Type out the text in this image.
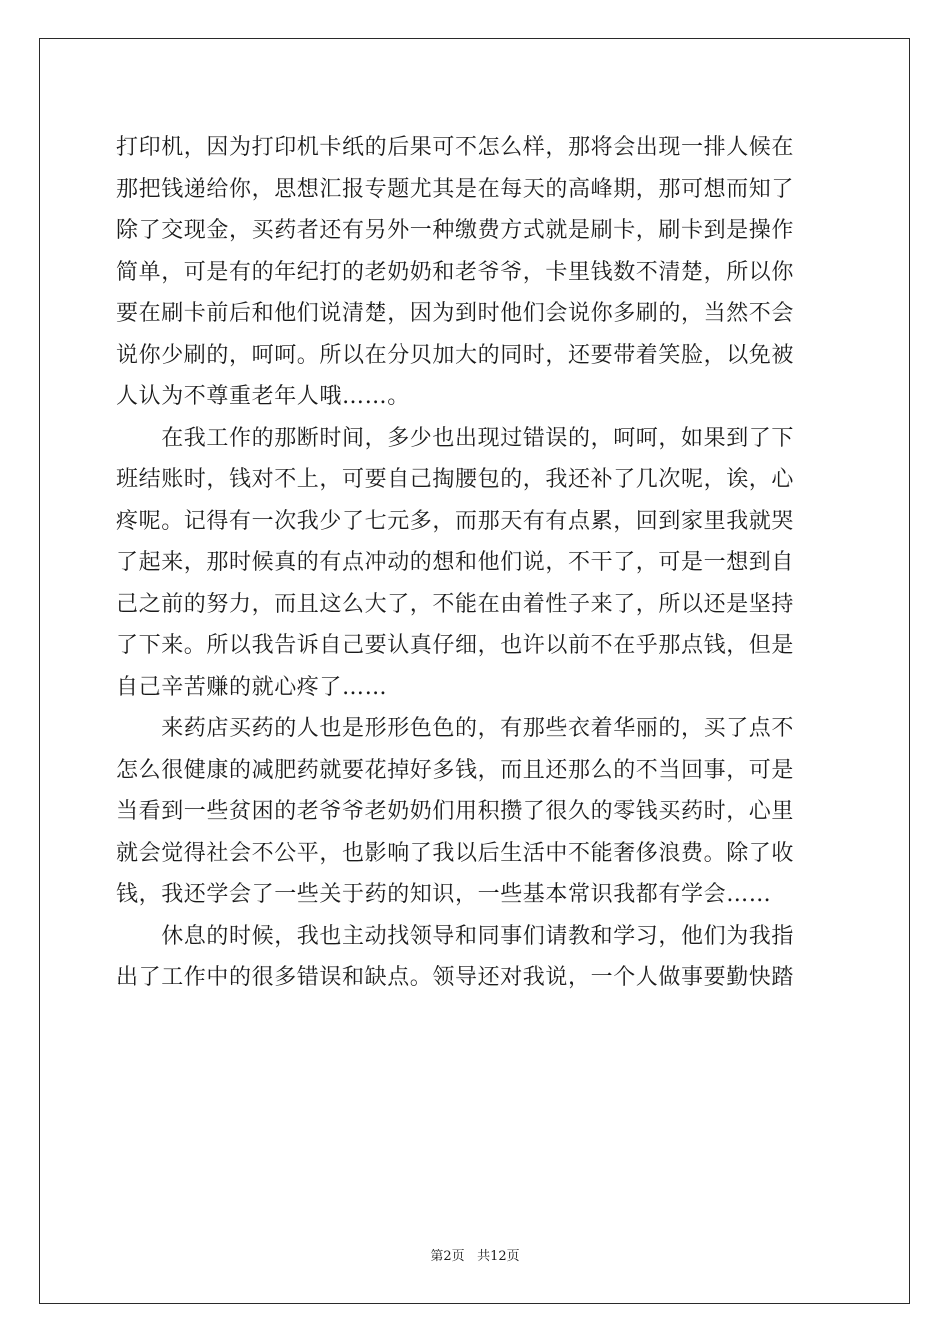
打印机，因为打印机卡纸的后果可不怎么样，那将会出现一排人候在
那把钱递给你，思想汇报专题尤其是在每天的高峰期，那可想而知了
除了交现金，买药者还有另外一种缴费方式就是刷卡，刷卡到是操作
简单，可是有的年纪打的老奶奶和老爷爷，卡里钱数不清楚，所以你
要在刷卡前后和他们说清楚，因为到时他们会说你多刷的，当然不会
说你少刷的，呵呵。所以在分贝加大的同时，还要带着笑脸，以免被
人认为不尊重老年人哦……。
　　在我工作的那断时间，多少也出现过错误的，呵呵，如果到了下
班结账时，钱对不上，可要自己掏腰包的，我还补了几次呢，诶，心
疼呢。记得有一次我少了七元多，而那天有有点累，回到家里我就哭
了起来，那时候真的有点冲动的想和他们说，不干了，可是一想到自
己之前的努力，而且这么大了，不能在由着性子来了，所以还是坚持
了下来。所以我告诉自己要认真仔细，也许以前不在乎那点钱，但是
自己辛苦赚的就心疼了……
　　来药店买药的人也是形形色色的，有那些衣着华丽的，买了点不
怎么很健康的减肥药就要花掉好多钱，而且还那么的不当回事，可是
当看到一些贫困的老爷爷老奶奶们用积攒了很久的零钱买药时，心里
就会觉得社会不公平，也影响了我以后生活中不能奢侈浪费。除了收
钱，我还学会了一些关于药的知识，一些基本常识我都有学会……
　　休息的时候，我也主动找领导和同事们请教和学习，他们为我指
出了工作中的很多错误和缺点。领导还对我说，一个人做事要勤快踏
第2页 共12页
